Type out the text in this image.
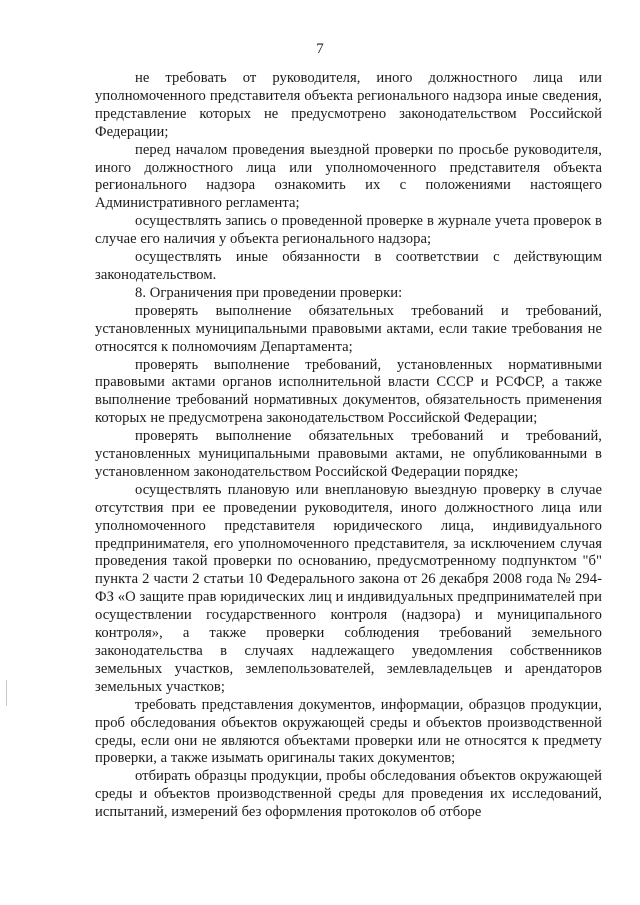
7

не требовать от руководителя, иного должностного лица или уполномоченного представителя объекта регионального надзора иные сведения, представление которых не предусмотрено законодательством Российской Федерации;

перед началом проведения выездной проверки по просьбе руководителя, иного должностного лица или уполномоченного представителя объекта регионального надзора ознакомить их с положениями настоящего Административного регламента;

осуществлять запись о проведенной проверке в журнале учета проверок в случае его наличия у объекта регионального надзора;

осуществлять иные обязанности в соответствии с действующим законодательством.

8. Ограничения при проведении проверки:

проверять выполнение обязательных требований и требований, установленных муниципальными правовыми актами, если такие требования не относятся к полномочиям Департамента;

проверять выполнение требований, установленных нормативными правовыми актами органов исполнительной власти СССР и РСФСР, а также выполнение требований нормативных документов, обязательность применения которых не предусмотрена законодательством Российской Федерации;

проверять выполнение обязательных требований и требований, установленных муниципальными правовыми актами, не опубликованными в установленном законодательством Российской Федерации порядке;

осуществлять плановую или внеплановую выездную проверку в случае отсутствия при ее проведении руководителя, иного должностного лица или уполномоченного представителя юридического лица, индивидуального предпринимателя, его уполномоченного представителя, за исключением случая проведения такой проверки по основанию, предусмотренному подпунктом "б" пункта 2 части 2 статьи 10 Федерального закона от 26 декабря 2008 года № 294-ФЗ «О защите прав юридических лиц и индивидуальных предпринимателей при осуществлении государственного контроля (надзора) и муниципального контроля», а также проверки соблюдения требований земельного законодательства в случаях надлежащего уведомления собственников земельных участков, землепользователей, землевладельцев и арендаторов земельных участков;

требовать представления документов, информации, образцов продукции, проб обследования объектов окружающей среды и объектов производственной среды, если они не являются объектами проверки или не относятся к предмету проверки, а также изымать оригиналы таких документов;

отбирать образцы продукции, пробы обследования объектов окружающей среды и объектов производственной среды для проведения их исследований, испытаний, измерений без оформления протоколов об отборе
